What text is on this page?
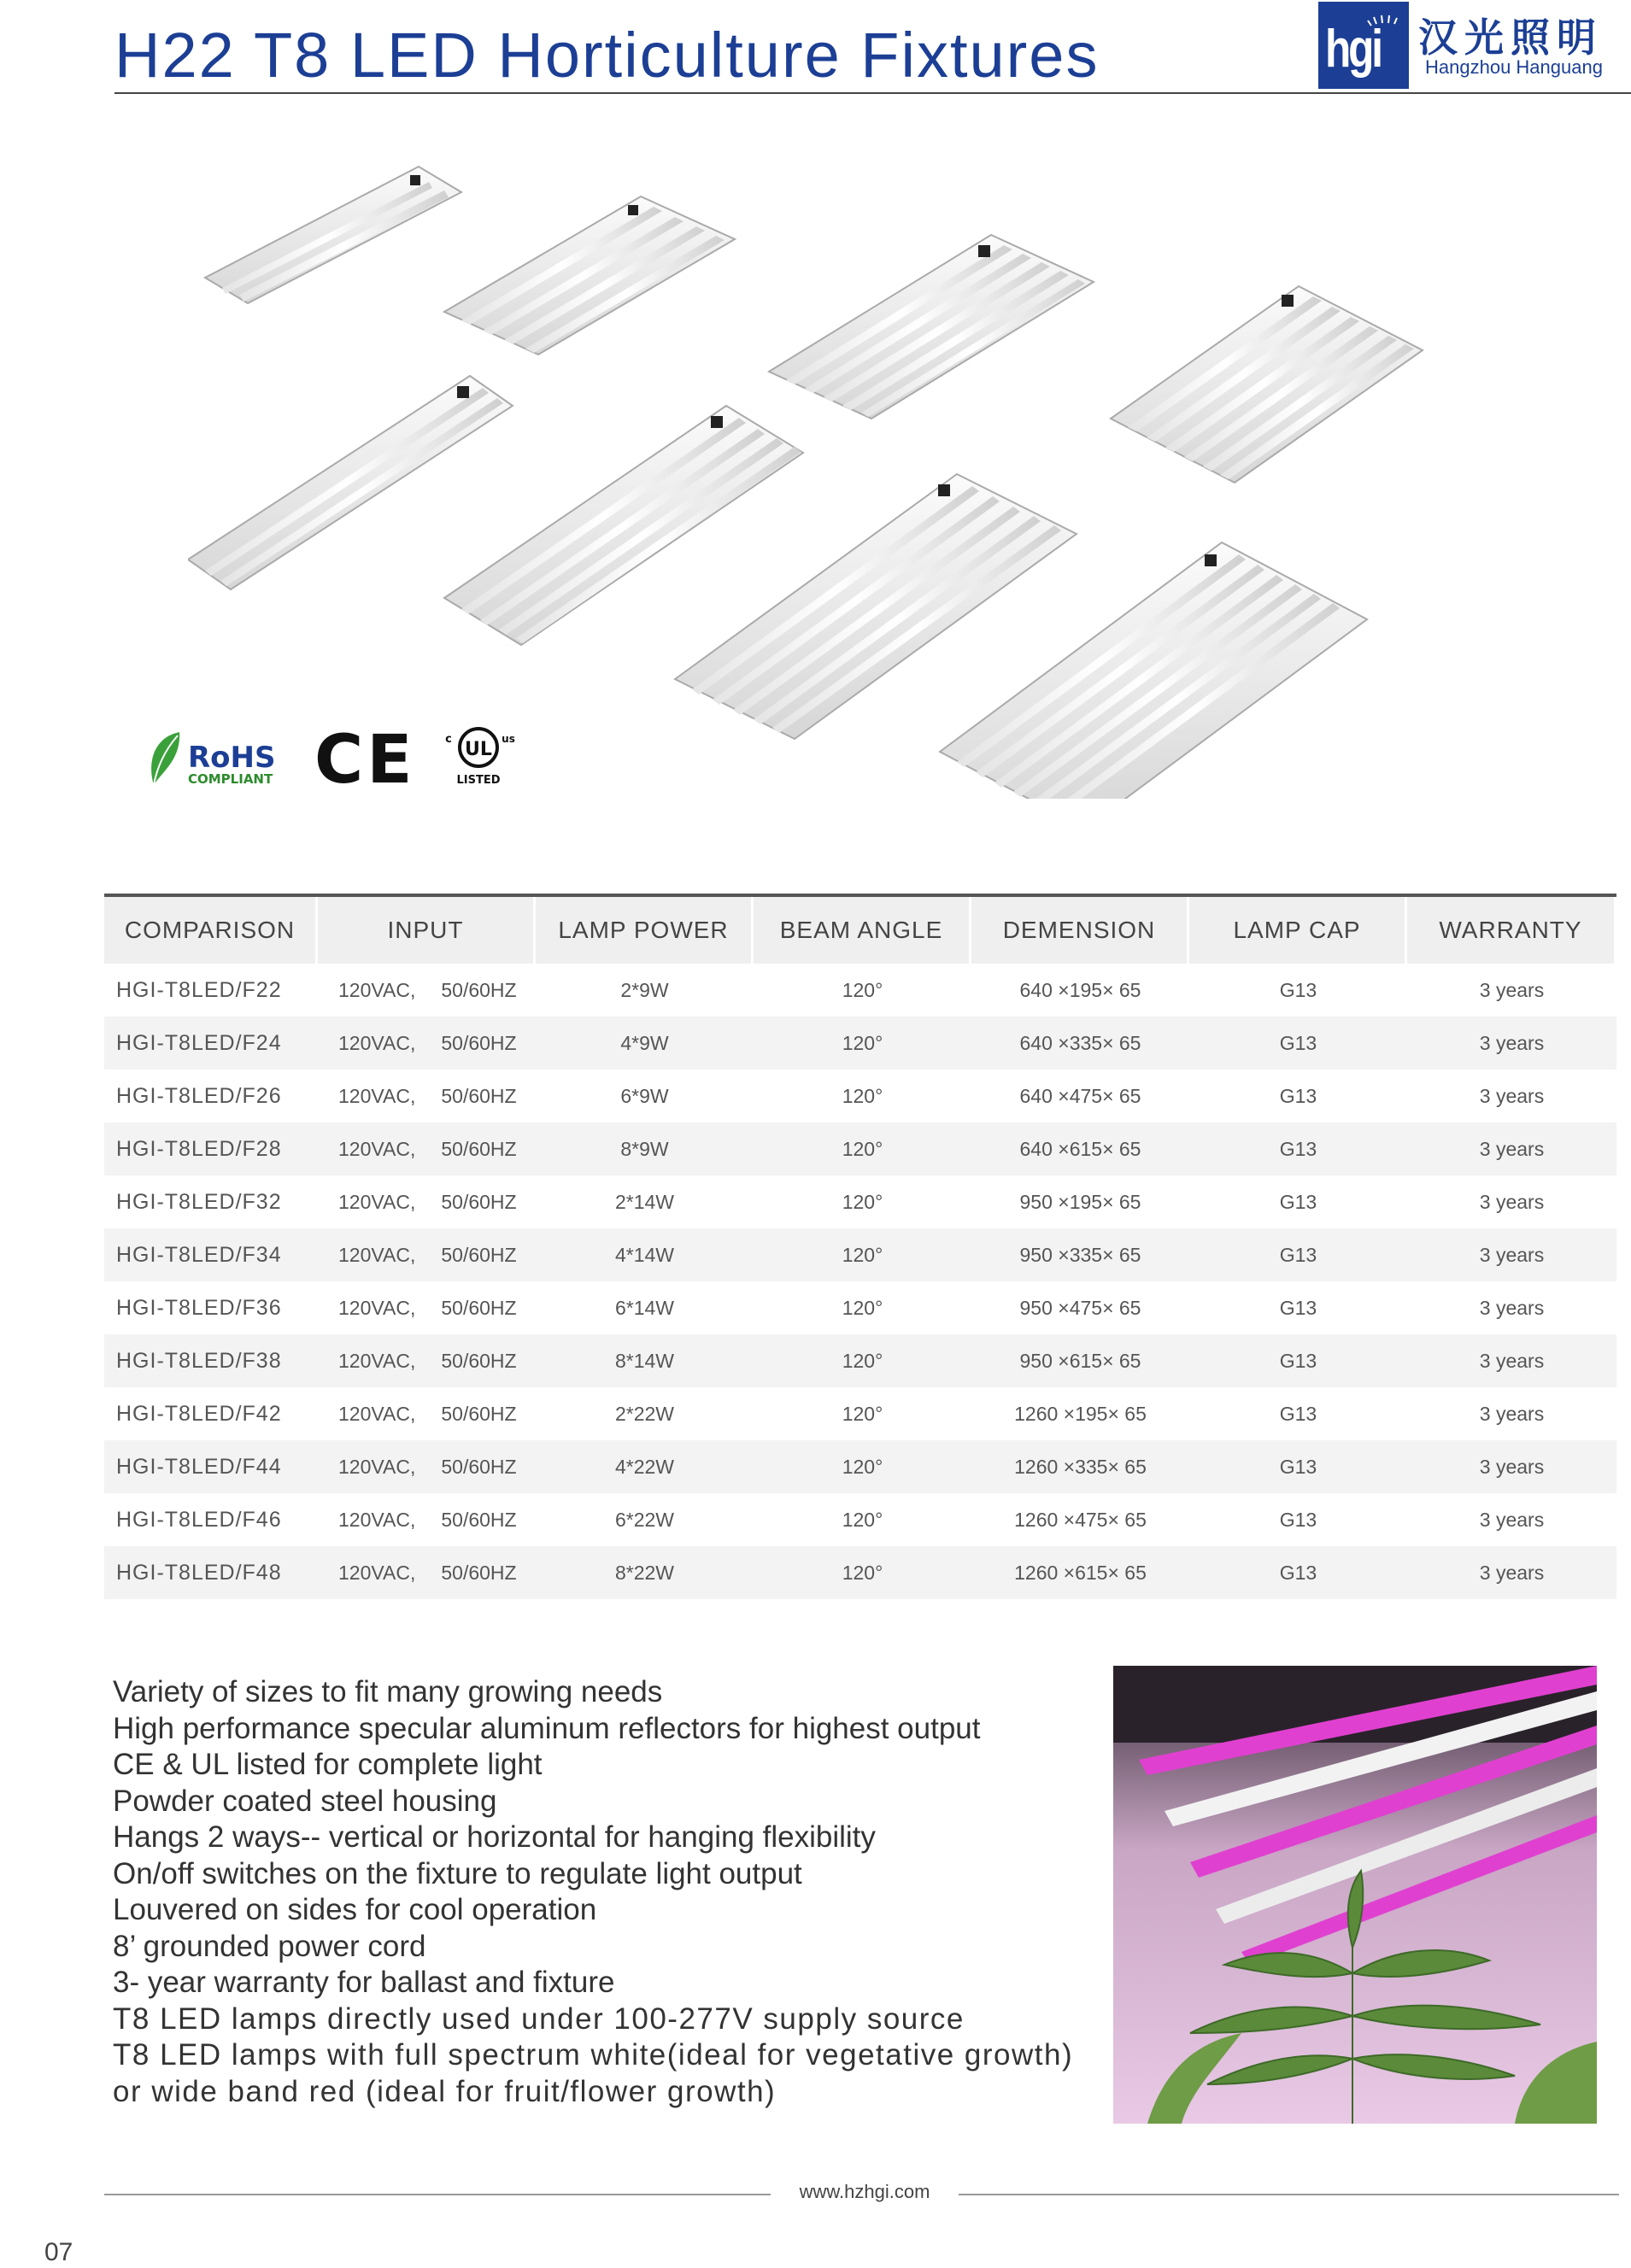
H22 T8 LED Horticulture Fixtures	hgi 汉光照明
Hangzhou Hanguang
RoHS
COMPLIANT CE	UL
c	us
LISTED
COMPARISON	INPUT	LAMP POWER	BEAM ANGLE	DEMENSION	LAMP CAP	WARRANTY
HGI-T8LED/F22	120VAC, 50/60HZ	2*9W	120°	640 ×195× 65	G13	3 years
HGI-T8LED/F24	120VAC, 50/60HZ	4*9W	120°	640 ×335× 65	G13	3 years
HGI-T8LED/F26	120VAC, 50/60HZ	6*9W	120°	640 ×475× 65	G13	3 years
HGI-T8LED/F28	120VAC, 50/60HZ	8*9W	120°	640 ×615× 65	G13	3 years
HGI-T8LED/F32	120VAC, 50/60HZ	2*14W	120°	950 ×195× 65	G13	3 years
HGI-T8LED/F34	120VAC, 50/60HZ	4*14W	120°	950 ×335× 65	G13	3 years
HGI-T8LED/F36	120VAC, 50/60HZ	6*14W	120°	950 ×475× 65	G13	3 years
HGI-T8LED/F38	120VAC, 50/60HZ	8*14W	120°	950 ×615× 65	G13	3 years
HGI-T8LED/F42	120VAC, 50/60HZ	2*22W	120°	1260 ×195× 65	G13	3 years
HGI-T8LED/F44	120VAC, 50/60HZ	4*22W	120°	1260 ×335× 65	G13	3 years
HGI-T8LED/F46	120VAC, 50/60HZ	6*22W	120°	1260 ×475× 65	G13	3 years
HGI-T8LED/F48	120VAC, 50/60HZ	8*22W	120°	1260 ×615× 65	G13	3 years
Variety of sizes to fit many growing needs
High performance specular aluminum reflectors for highest output
CE & UL listed for complete light
Powder coated steel housing
Hangs 2 ways-- vertical or horizontal for hanging flexibility
On/off switches on the fixture to regulate light output
Louvered on sides for cool operation
8’ grounded power cord
3- year warranty for ballast and fixture
T8 LED lamps directly used under 100-277V supply source
T8 LED lamps with full spectrum white(ideal for vegetative growth)
or wide band red (ideal for fruit/flower growth)
www.hzhgi.com
07
